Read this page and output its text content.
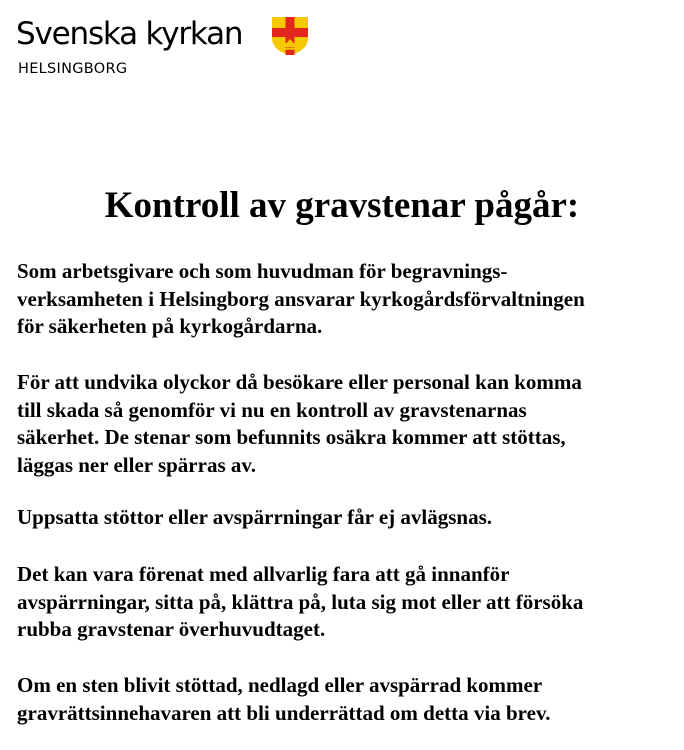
Svenska kyrkan
HELSINGBORG
Kontroll av gravstenar pågår:

Som arbetsgivare och som huvudman för begravnings-
verksamheten i Helsingborg ansvarar kyrkogårdsförvaltningen
för säkerheten på kyrkogårdarna.

För att undvika olyckor då besökare eller personal kan komma
till skada så genomför vi nu en kontroll av gravstenarnas
säkerhet. De stenar som befunnits osäkra kommer att stöttas,
läggas ner eller spärras av.

Uppsatta stöttor eller avspärrningar får ej avlägsnas.

Det kan vara förenat med allvarlig fara att gå innanför
avspärrningar, sitta på, klättra på, luta sig mot eller att försöka
rubba gravstenar överhuvudtaget.

Om en sten blivit stöttad, nedlagd eller avspärrad kommer
gravrättsinnehavaren att bli underrättad om detta via brev.
